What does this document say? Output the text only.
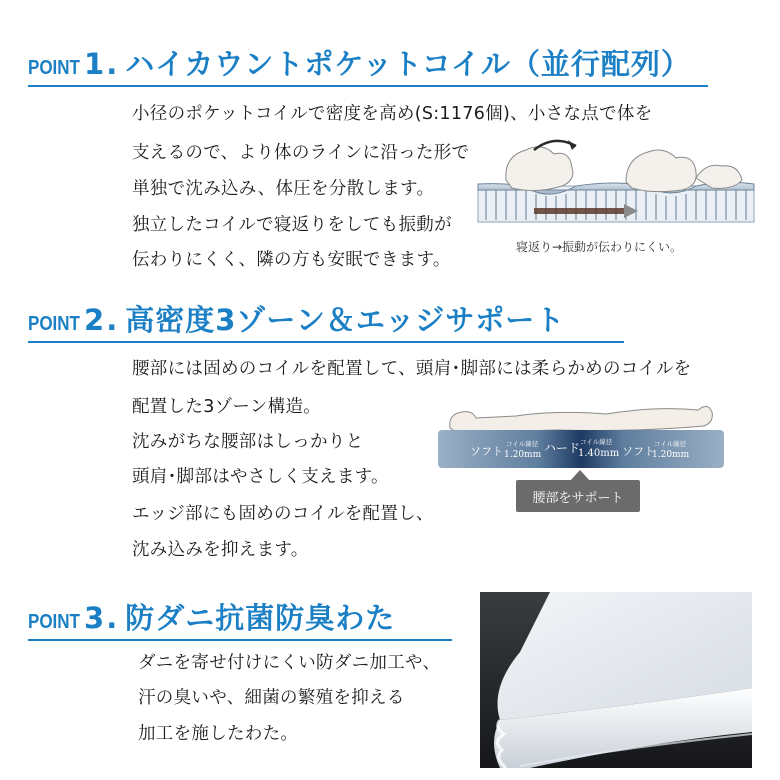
POINT 1 . ハイカウントポケットコイル（並行配列）
小径のポケットコイルで密度を高め(S:1176個)、小さな点で体を
支えるので、より体のラインに沿った形で
単独で沈み込み、体圧を分散します。
独立したコイルで寝返りをしても振動が
伝わりにくく、隣の方も安眠できます。
寝返り→振動が伝わりにくい。
POINT 2 . 高密度3ゾーン＆エッジサポート
腰部には固めのコイルを配置して、頭肩･脚部には柔らかめのコイルを
配置した3ゾーン構造。
沈みがちな腰部はしっかりと
頭肩･脚部はやさしく支えます。
エッジ部にも固めのコイルを配置し、
沈み込みを抑えます。
ソフト
コイル線径
1.20mm ハード コイル線径
1.40mm ソフト
コイル線径
1.20mm
腰部をサポート
POINT 3 . 防ダニ抗菌防臭わた
ダニを寄せ付けにくい防ダニ加工や、
汗の臭いや、細菌の繁殖を抑える
加工を施したわた。
